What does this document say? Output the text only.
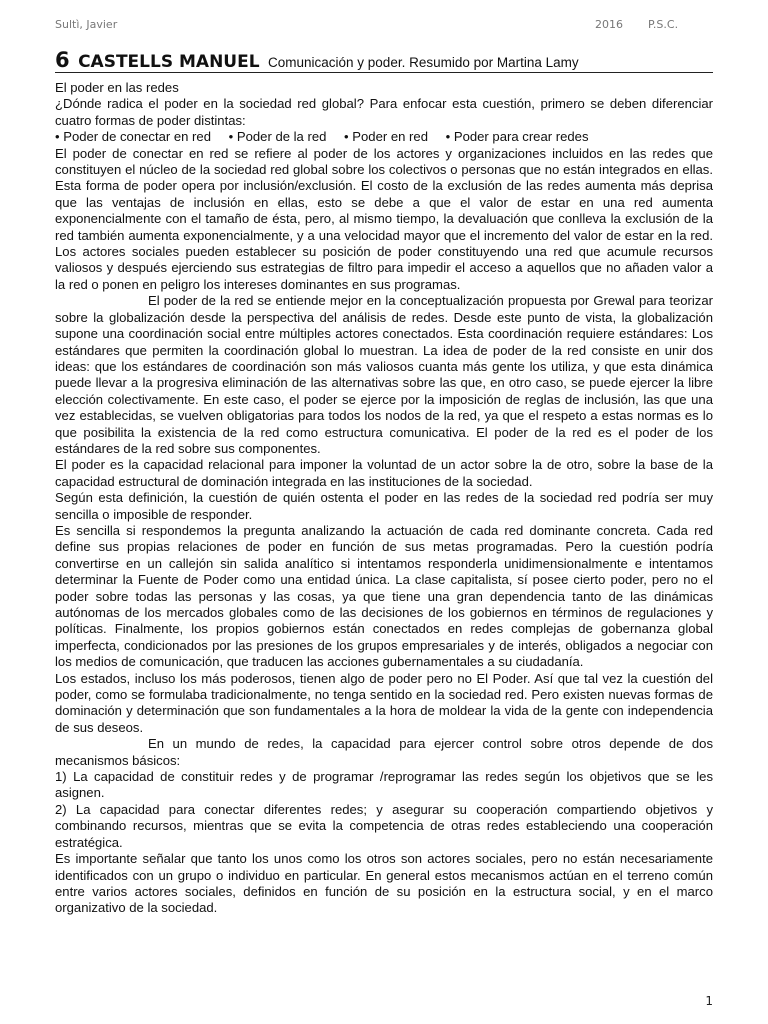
Sultì, Javier	2016 P.S.C.
6 CASTELLS MANUEL Comunicación y poder. Resumido por Martina Lamy

El poder en las redes

¿Dónde radica el poder en la sociedad red global? Para enfocar esta cuestión, primero se deben diferenciar cuatro formas de poder distintas:

• Poder de conectar en red • Poder de la red • Poder en red • Poder para crear redes

El poder de conectar en red se refiere al poder de los actores y organizaciones incluidos en las redes que constituyen el núcleo de la sociedad red global sobre los colectivos o personas que no están integrados en ellas. Esta forma de poder opera por inclusión/exclusión. El costo de la exclusión de las redes aumenta más deprisa que las ventajas de inclusión en ellas, esto se debe a que el valor de estar en una red aumenta exponencialmente con el tamaño de ésta, pero, al mismo tiempo, la devaluación que conlleva la exclusión de la red también aumenta exponencialmente, y a una velocidad mayor que el incremento del valor de estar en la red. Los actores sociales pueden establecer su posición de poder constituyendo una red que acumule recursos valiosos y después ejerciendo sus estrategias de filtro para impedir el acceso a aquellos que no añaden valor a la red o ponen en peligro los intereses dominantes en sus programas.

El poder de la red se entiende mejor en la conceptualización propuesta por Grewal para teorizar sobre la globalización desde la perspectiva del análisis de redes. Desde este punto de vista, la globalización supone una coordinación social entre múltiples actores conectados. Esta coordinación requiere estándares: Los estándares que permiten la coordinación global lo muestran. La idea de poder de la red consiste en unir dos ideas: que los estándares de coordinación son más valiosos cuanta más gente los utiliza, y que esta dinámica puede llevar a la progresiva eliminación de las alternativas sobre las que, en otro caso, se puede ejercer la libre elección colectivamente. En este caso, el poder se ejerce por la imposición de reglas de inclusión, las que una vez establecidas, se vuelven obligatorias para todos los nodos de la red, ya que el respeto a estas normas es lo que posibilita la existencia de la red como estructura comunicativa. El poder de la red es el poder de los estándares de la red sobre sus componentes.

El poder es la capacidad relacional para imponer la voluntad de un actor sobre la de otro, sobre la base de la capacidad estructural de dominación integrada en las instituciones de la sociedad.

Según esta definición, la cuestión de quién ostenta el poder en las redes de la sociedad red podría ser muy sencilla o imposible de responder.

Es sencilla si respondemos la pregunta analizando la actuación de cada red dominante concreta. Cada red define sus propias relaciones de poder en función de sus metas programadas. Pero la cuestión podría convertirse en un callejón sin salida analítico si intentamos responderla unidimensionalmente e intentamos determinar la Fuente de Poder como una entidad única. La clase capitalista, sí posee cierto poder, pero no el poder sobre todas las personas y las cosas, ya que tiene una gran dependencia tanto de las dinámicas autónomas de los mercados globales como de las decisiones de los gobiernos en términos de regulaciones y políticas. Finalmente, los propios gobiernos están conectados en redes complejas de gobernanza global imperfecta, condicionados por las presiones de los grupos empresariales y de interés, obligados a negociar con los medios de comunicación, que traducen las acciones gubernamentales a su ciudadanía.

Los estados, incluso los más poderosos, tienen algo de poder pero no El Poder. Así que tal vez la cuestión del poder, como se formulaba tradicionalmente, no tenga sentido en la sociedad red. Pero existen nuevas formas de dominación y determinación que son fundamentales a la hora de moldear la vida de la gente con independencia de sus deseos.

En un mundo de redes, la capacidad para ejercer control sobre otros depende de dos mecanismos básicos:

1) La capacidad de constituir redes y de programar /reprogramar las redes según los objetivos que se les asignen.

2) La capacidad para conectar diferentes redes; y asegurar su cooperación compartiendo objetivos y combinando recursos, mientras que se evita la competencia de otras redes estableciendo una cooperación estratégica.

Es importante señalar que tanto los unos como los otros son actores sociales, pero no están necesariamente identificados con un grupo o individuo en particular. En general estos mecanismos actúan en el terreno común entre varios actores sociales, definidos en función de su posición en la estructura social, y en el marco organizativo de la sociedad.

1
